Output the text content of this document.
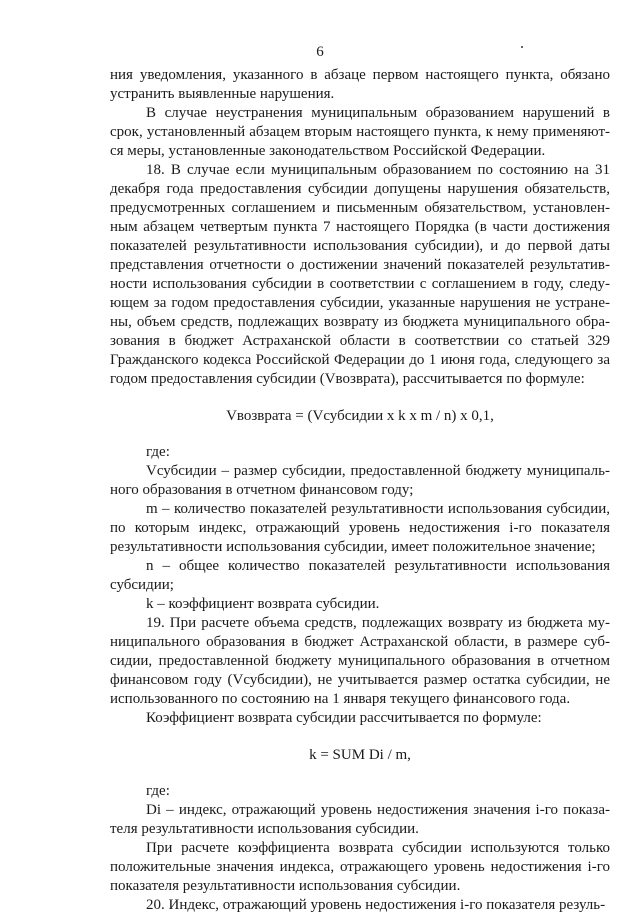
6

ния уведомления, указанного в абзаце первом настоящего пункта, обязано устранить выявленные нарушения.

В случае неустранения муниципальным образованием нарушений в срок, установленный абзацем вторым настоящего пункта, к нему применяются меры, установленные законодательством Российской Федерации.

18. В случае если муниципальным образованием по состоянию на 31 декабря года предоставления субсидии допущены нарушения обязательств, предусмотренных соглашением и письменным обязательством, установленным абзацем четвертым пункта 7 настоящего Порядка (в части достижения показателей результативности использования субсидии), и до первой даты представления отчетности о достижении значений показателей результативности использования субсидии в соответствии с соглашением в году, следующем за годом предоставления субсидии, указанные нарушения не устранены, объем средств, подлежащих возврату из бюджета муниципального образования в бюджет Астраханской области в соответствии со статьей 329 Гражданского кодекса Российской Федерации до 1 июня года, следующего за годом предоставления субсидии (Vвозврата), рассчитывается по формуле:

Vвозврата = (Vсубсидии x k x m / n) x 0,1,

где:

Vсубсидии – размер субсидии, предоставленной бюджету муниципального образования в отчетном финансовом году;

m – количество показателей результативности использования субсидии, по которым индекс, отражающий уровень недостижения i-го показателя результативности использования субсидии, имеет положительное значение;

n – общее количество показателей результативности использования субсидии;

k – коэффициент возврата субсидии.

19. При расчете объема средств, подлежащих возврату из бюджета муниципального образования в бюджет Астраханской области, в размере субсидии, предоставленной бюджету муниципального образования в отчетном финансовом году (Vсубсидии), не учитывается размер остатка субсидии, не использованного по состоянию на 1 января текущего финансового года.

Коэффициент возврата субсидии рассчитывается по формуле:

k = SUM Di / m,

где:

Di – индекс, отражающий уровень недостижения значения i-го показателя результативности использования субсидии.

При расчете коэффициента возврата субсидии используются только положительные значения индекса, отражающего уровень недостижения i-го показателя результативности использования субсидии.

20. Индекс, отражающий уровень недостижения i-го показателя резуль-
